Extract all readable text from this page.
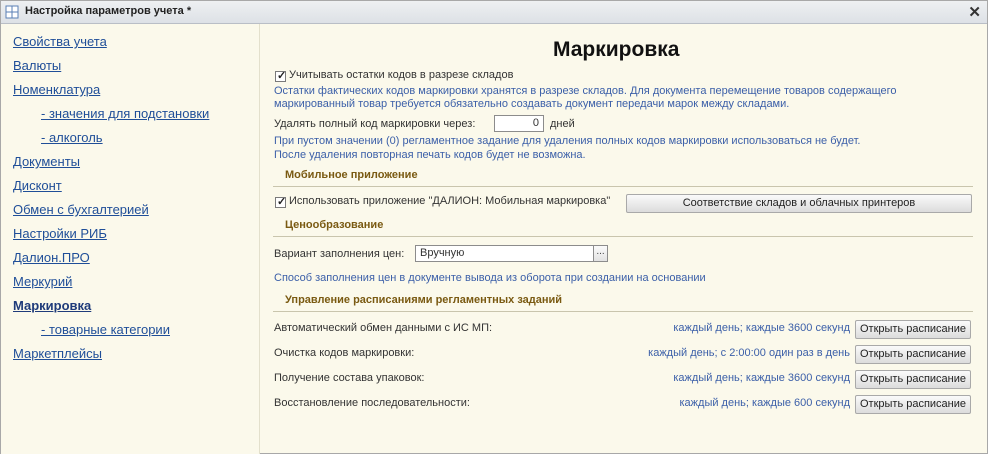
Настройка параметров учета *	✕
Свойства учета
Валюты
Номенклатура
- значения для подстановки
- алкоголь
Документы
Дисконт
Обмен с бухгалтерией
Настройки РИБ
Далион.ПРО
Меркурий
Маркировка
- товарные категории
Маркетплейсы
Маркировка
✓ Учитывать остатки кодов в разрезе складов
Остатки фактических кодов маркировки хранятся в разрезе складов. Для документа перемещение товаров содержащего
маркированный товар требуется обязательно создавать документ передачи марок между складами.
Удалять полный код маркировки через:	0	дней
При пустом значении (0) регламентное задание для удаления полных кодов маркировки использоваться не будет.
После удаления повторная печать кодов будет не возможна.
Мобильное приложение
✓ Использовать приложение "ДАЛИОН: Мобильная маркировка"	Соответствие складов и облачных принтеров
Ценообразование
Вариант заполнения цен:	Вручную	...
Способ заполнения цен в документе вывода из оборота при создании на основании
Управление расписаниями регламентных заданий
Автоматический обмен данными с ИС МП:	каждый день; каждые 3600 секунд Открыть расписание
Очистка кодов маркировки:	каждый день; с 2:00:00 один раз в день Открыть расписание
Получение состава упаковок:	каждый день; каждые 3600 секунд Открыть расписание
Восстановление последовательности:	каждый день; каждые 600 секунд Открыть расписание
